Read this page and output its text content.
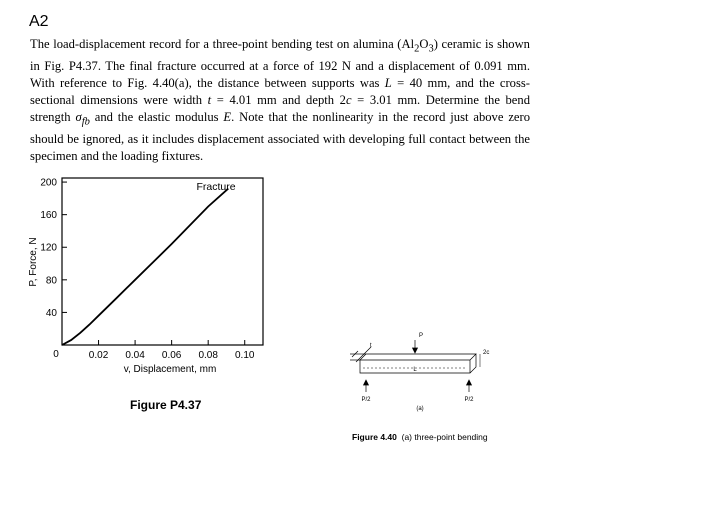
A2

The load-displacement record for a three-point bending test on alumina $(Al_2O_3)$ ceramic is shown in Fig. P4.37. The final fracture occurred at a force of 192 N and a displacement of 0.091 mm. With reference to Fig. 4.40(a), the distance between supports was L = 40 mm, and the cross-sectional dimensions were width t = 4.01 mm and depth 2c = 3.01 mm. Determine the bend strength $\sigma_{fb}$ and the elastic modulus E. Note that the nonlinearity in the record just above zero should be ignored, as it includes displacement associated with developing full contact between the specimen and the loading fixtures.

40
80
120
160
200
0.02 0.04 0.06 0.08 0.10
0
v, Displacement, mm
P, Force, N
Fracture
P
t
2c
L
P/2	P/2
(a)
Figure P4.37
Figure 4.40 (a) three-point bending
